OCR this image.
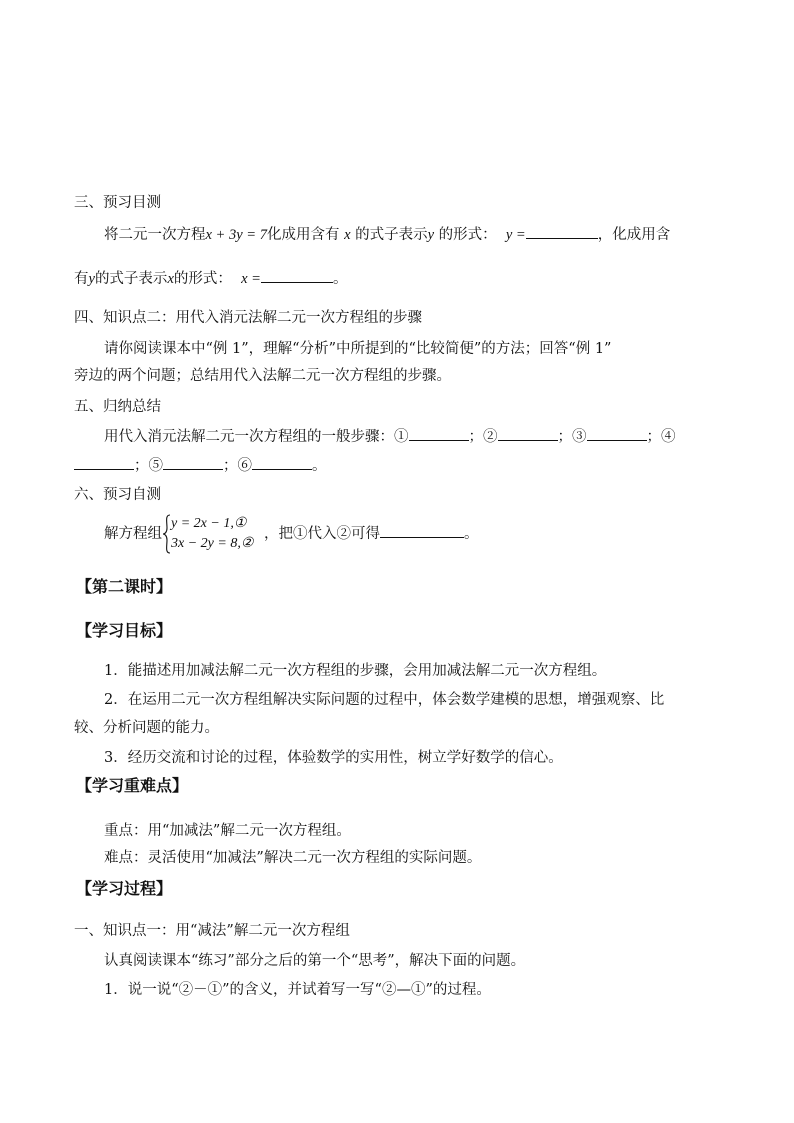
三、预习目测
将二元一次方程x + 3y = 7化成用含有 x 的式子表示y 的形式： y =	，化成用含
有y的式子表示x的形式： x =	。
四、知识点二：用代入消元法解二元一次方程组的步骤
请你阅读课本中“例 1”，理解“分析”中所提到的“比较简便”的方法；回答“例 1”
旁边的两个问题；总结用代入法解二元一次方程组的步骤。
五、归纳总结
用代入消元法解二元一次方程组的一般步骤：①	；②	；③	；④
；⑤	；⑥	。
六、预习自测
解方程组
y = 2x − 1,①
3x − 2y = 8,②
，把①代入②可得	。
【第二课时】
【学习目标】
1．能描述用加减法解二元一次方程组的步骤，会用加减法解二元一次方程组。
2．在运用二元一次方程组解决实际问题的过程中，体会数学建模的思想，增强观察、比
较、分析问题的能力。
3．经历交流和讨论的过程，体验数学的实用性，树立学好数学的信心。
【学习重难点】
重点：用“加减法”解二元一次方程组。
难点：灵活使用“加减法”解决二元一次方程组的实际问题。
【学习过程】
一、知识点一：用“减法”解二元一次方程组
认真阅读课本“练习”部分之后的第一个“思考”，解决下面的问题。
1．说一说“②－①”的含义，并试着写一写“②—①”的过程。
